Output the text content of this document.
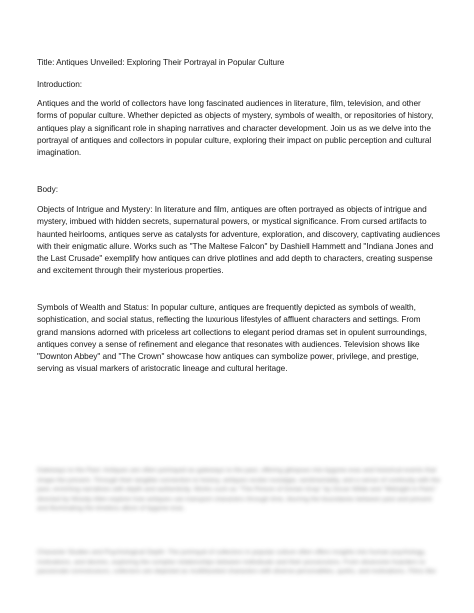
Title: Antiques Unveiled: Exploring Their Portrayal in Popular Culture

Introduction:

Antiques and the world of collectors have long fascinated audiences in literature, film, television, and other forms of popular culture. Whether depicted as objects of mystery, symbols of wealth, or repositories of history, antiques play a significant role in shaping narratives and character development. Join us as we delve into the portrayal of antiques and collectors in popular culture, exploring their impact on public perception and cultural imagination.

Body:

Objects of Intrigue and Mystery: In literature and film, antiques are often portrayed as objects of intrigue and mystery, imbued with hidden secrets, supernatural powers, or mystical significance. From cursed artifacts to haunted heirlooms, antiques serve as catalysts for adventure, exploration, and discovery, captivating audiences with their enigmatic allure. Works such as "The Maltese Falcon" by Dashiell Hammett and "Indiana Jones and the Last Crusade" exemplify how antiques can drive plotlines and add depth to characters, creating suspense and excitement through their mysterious properties.

Symbols of Wealth and Status: In popular culture, antiques are frequently depicted as symbols of wealth, sophistication, and social status, reflecting the luxurious lifestyles of affluent characters and settings. From grand mansions adorned with priceless art collections to elegant period dramas set in opulent surroundings, antiques convey a sense of refinement and elegance that resonates with audiences. Television shows like "Downton Abbey" and "The Crown" showcase how antiques can symbolize power, privilege, and prestige, serving as visual markers of aristocratic lineage and cultural heritage.

Gateways to the Past: Antiques are often portrayed as gateways to the past, offering glimpses into bygone eras and historical events that shape the present. Through their tangible connection to history, antiques evoke nostalgia, sentimentality, and a sense of continuity with the past, enriching narratives with depth and authenticity. Works such as "The Picture of Dorian Gray" by Oscar Wilde and "Midnight in Paris" directed by Woody Allen explore how antiques can transport characters through time, blurring the boundaries between past and present and illuminating the timeless allure of bygone eras.

Character Studies and Psychological Depth: The portrayal of collectors in popular culture often offers insights into human psychology, motivations, and desires, exploring the complex relationships between individuals and their possessions. From obsessive hoarders to passionate connoisseurs, collectors are depicted as multifaceted characters with diverse personalities, quirks, and motivations. Films like
